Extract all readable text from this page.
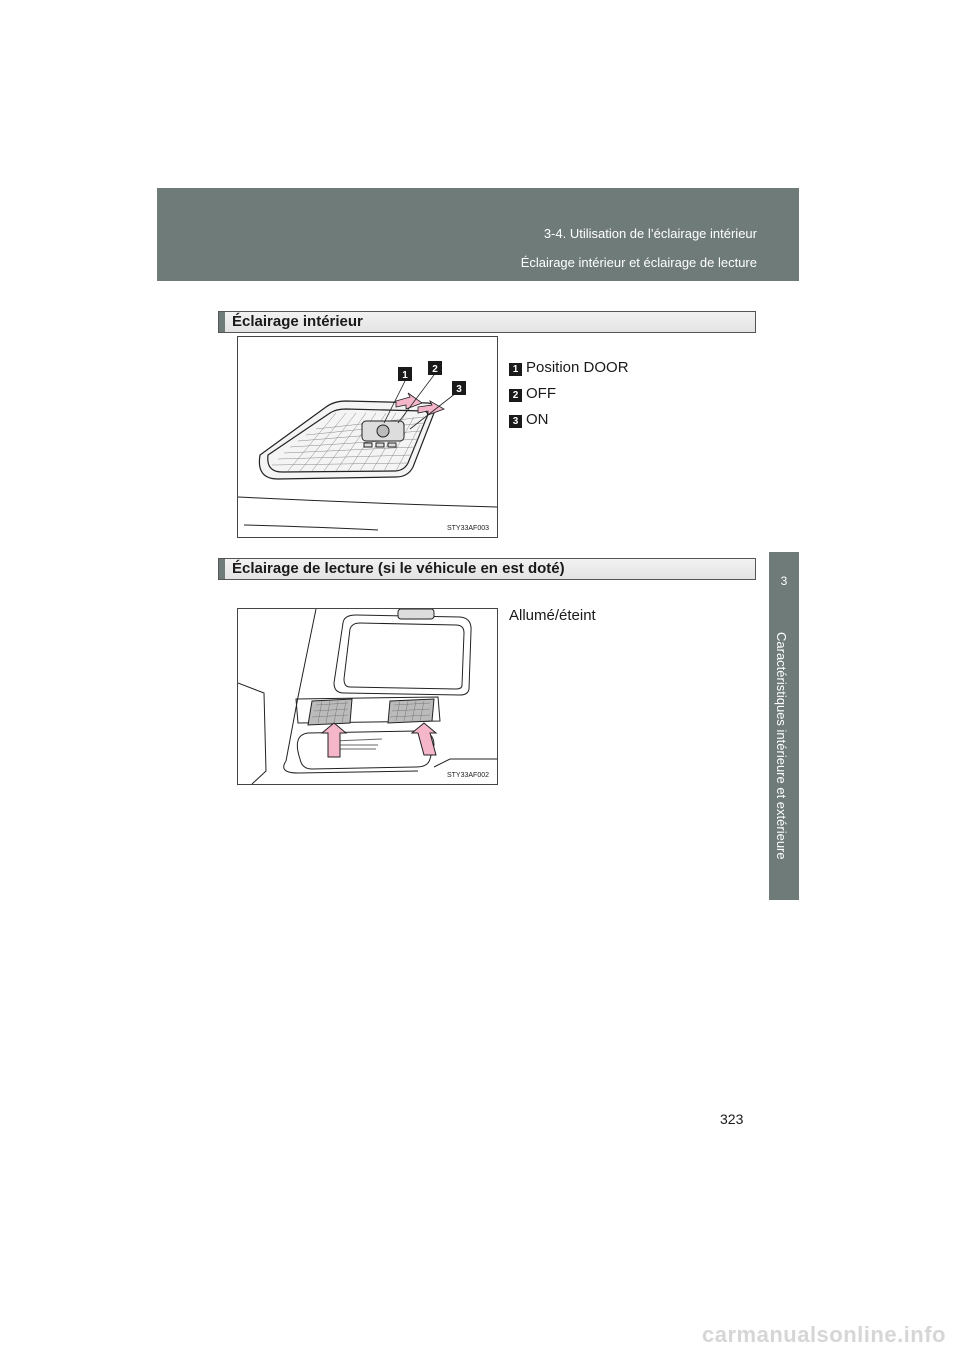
3-4. Utilisation de l’éclairage intérieur
Éclairage intérieur et éclairage de lecture
3
Caractéristiques intérieure et extérieure
Éclairage intérieur
1
2
3
STY33AF003
1 Position DOOR
2 OFF
3 ON
Éclairage de lecture (si le véhicule en est doté)
STY33AF002
Allumé/éteint
323
carmanualsonline.info
